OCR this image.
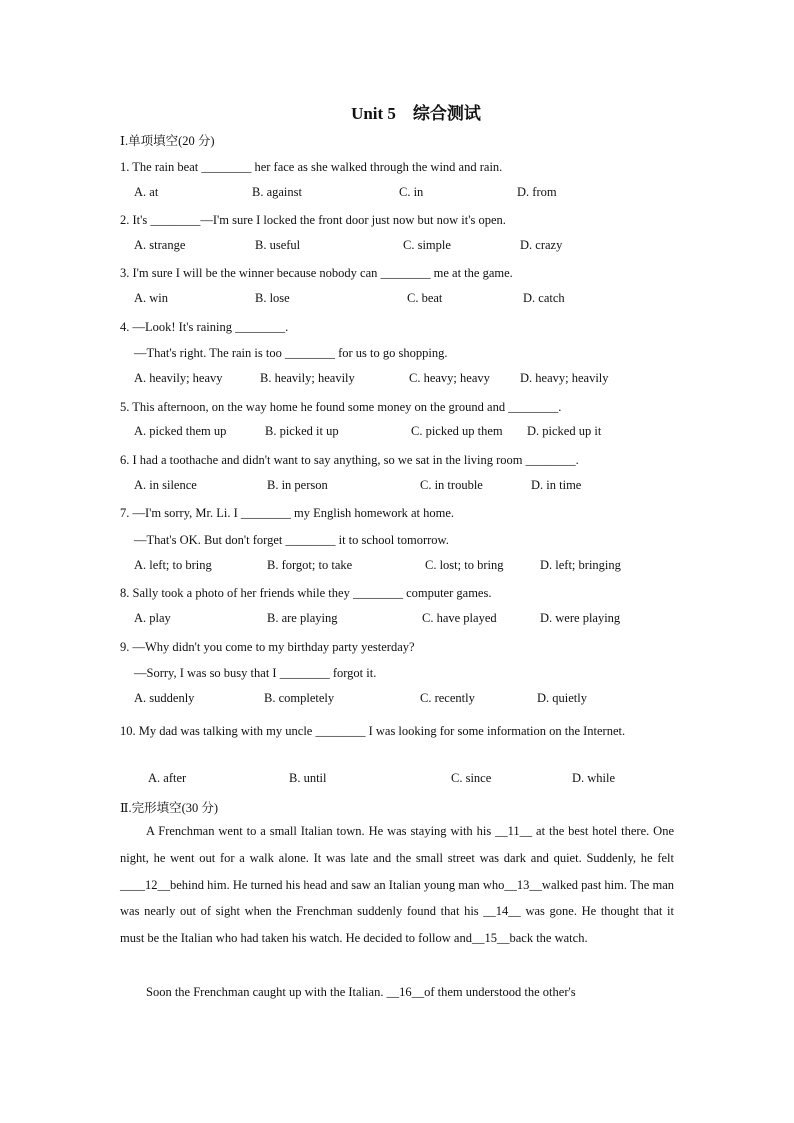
Unit 5　综合测试
Ⅰ.单项填空(20 分)
1. The rain beat ________ her face as she walked through the wind and rain.
A. at	B. against	C. in	D. from
2. It's ________—I'm sure I locked the front door just now but now it's open.
A. strange	B. useful	C. simple	D. crazy
3. I'm sure I will be the winner because nobody can ________ me at the game.
A. win	B. lose	C. beat	D. catch
4. —Look! It's raining ________.
—That's right. The rain is too ________ for us to go shopping.
A. heavily; heavy	B. heavily; heavily	C. heavy; heavy D. heavy; heavily
5. This afternoon, on the way home he found some money on the ground and ________.
A. picked them up	B. picked it up	C. picked up them D. picked up it
6. I had a toothache and didn't want to say anything, so we sat in the living room ________.
A. in silence	B. in person	C. in trouble	D. in time
7. —I'm sorry, Mr. Li. I ________ my English homework at home.
—That's OK. But don't forget ________ it to school tomorrow.
A. left; to bring	B. forgot; to take	C. lost; to bring	D. left; bringing
8. Sally took a photo of her friends while they ________ computer games.
A. play	B. are playing	C. have played	D. were playing
9. —Why didn't you come to my birthday party yesterday?
—Sorry, I was so busy that I ________ forgot it.
A. suddenly	B. completely	C. recently	D. quietly
10. My dad was talking with my uncle ________ I was looking for some information on the Internet.
A. after	B. until	C. since	D. while
Ⅱ.完形填空(30 分)
A Frenchman went to a small Italian town. He was staying with his __11__ at the best hotel there. One night, he went out for a walk alone. It was late and the small street was dark and quiet. Suddenly, he felt ____12__behind him. He turned his head and saw an Italian young man who__13__walked past him. The man was nearly out of sight when the Frenchman suddenly found that his __14__ was gone. He thought that it must be the Italian who had taken his watch. He decided to follow and__15__back the watch.
Soon the Frenchman caught up with the Italian. __16__of them understood the other's
